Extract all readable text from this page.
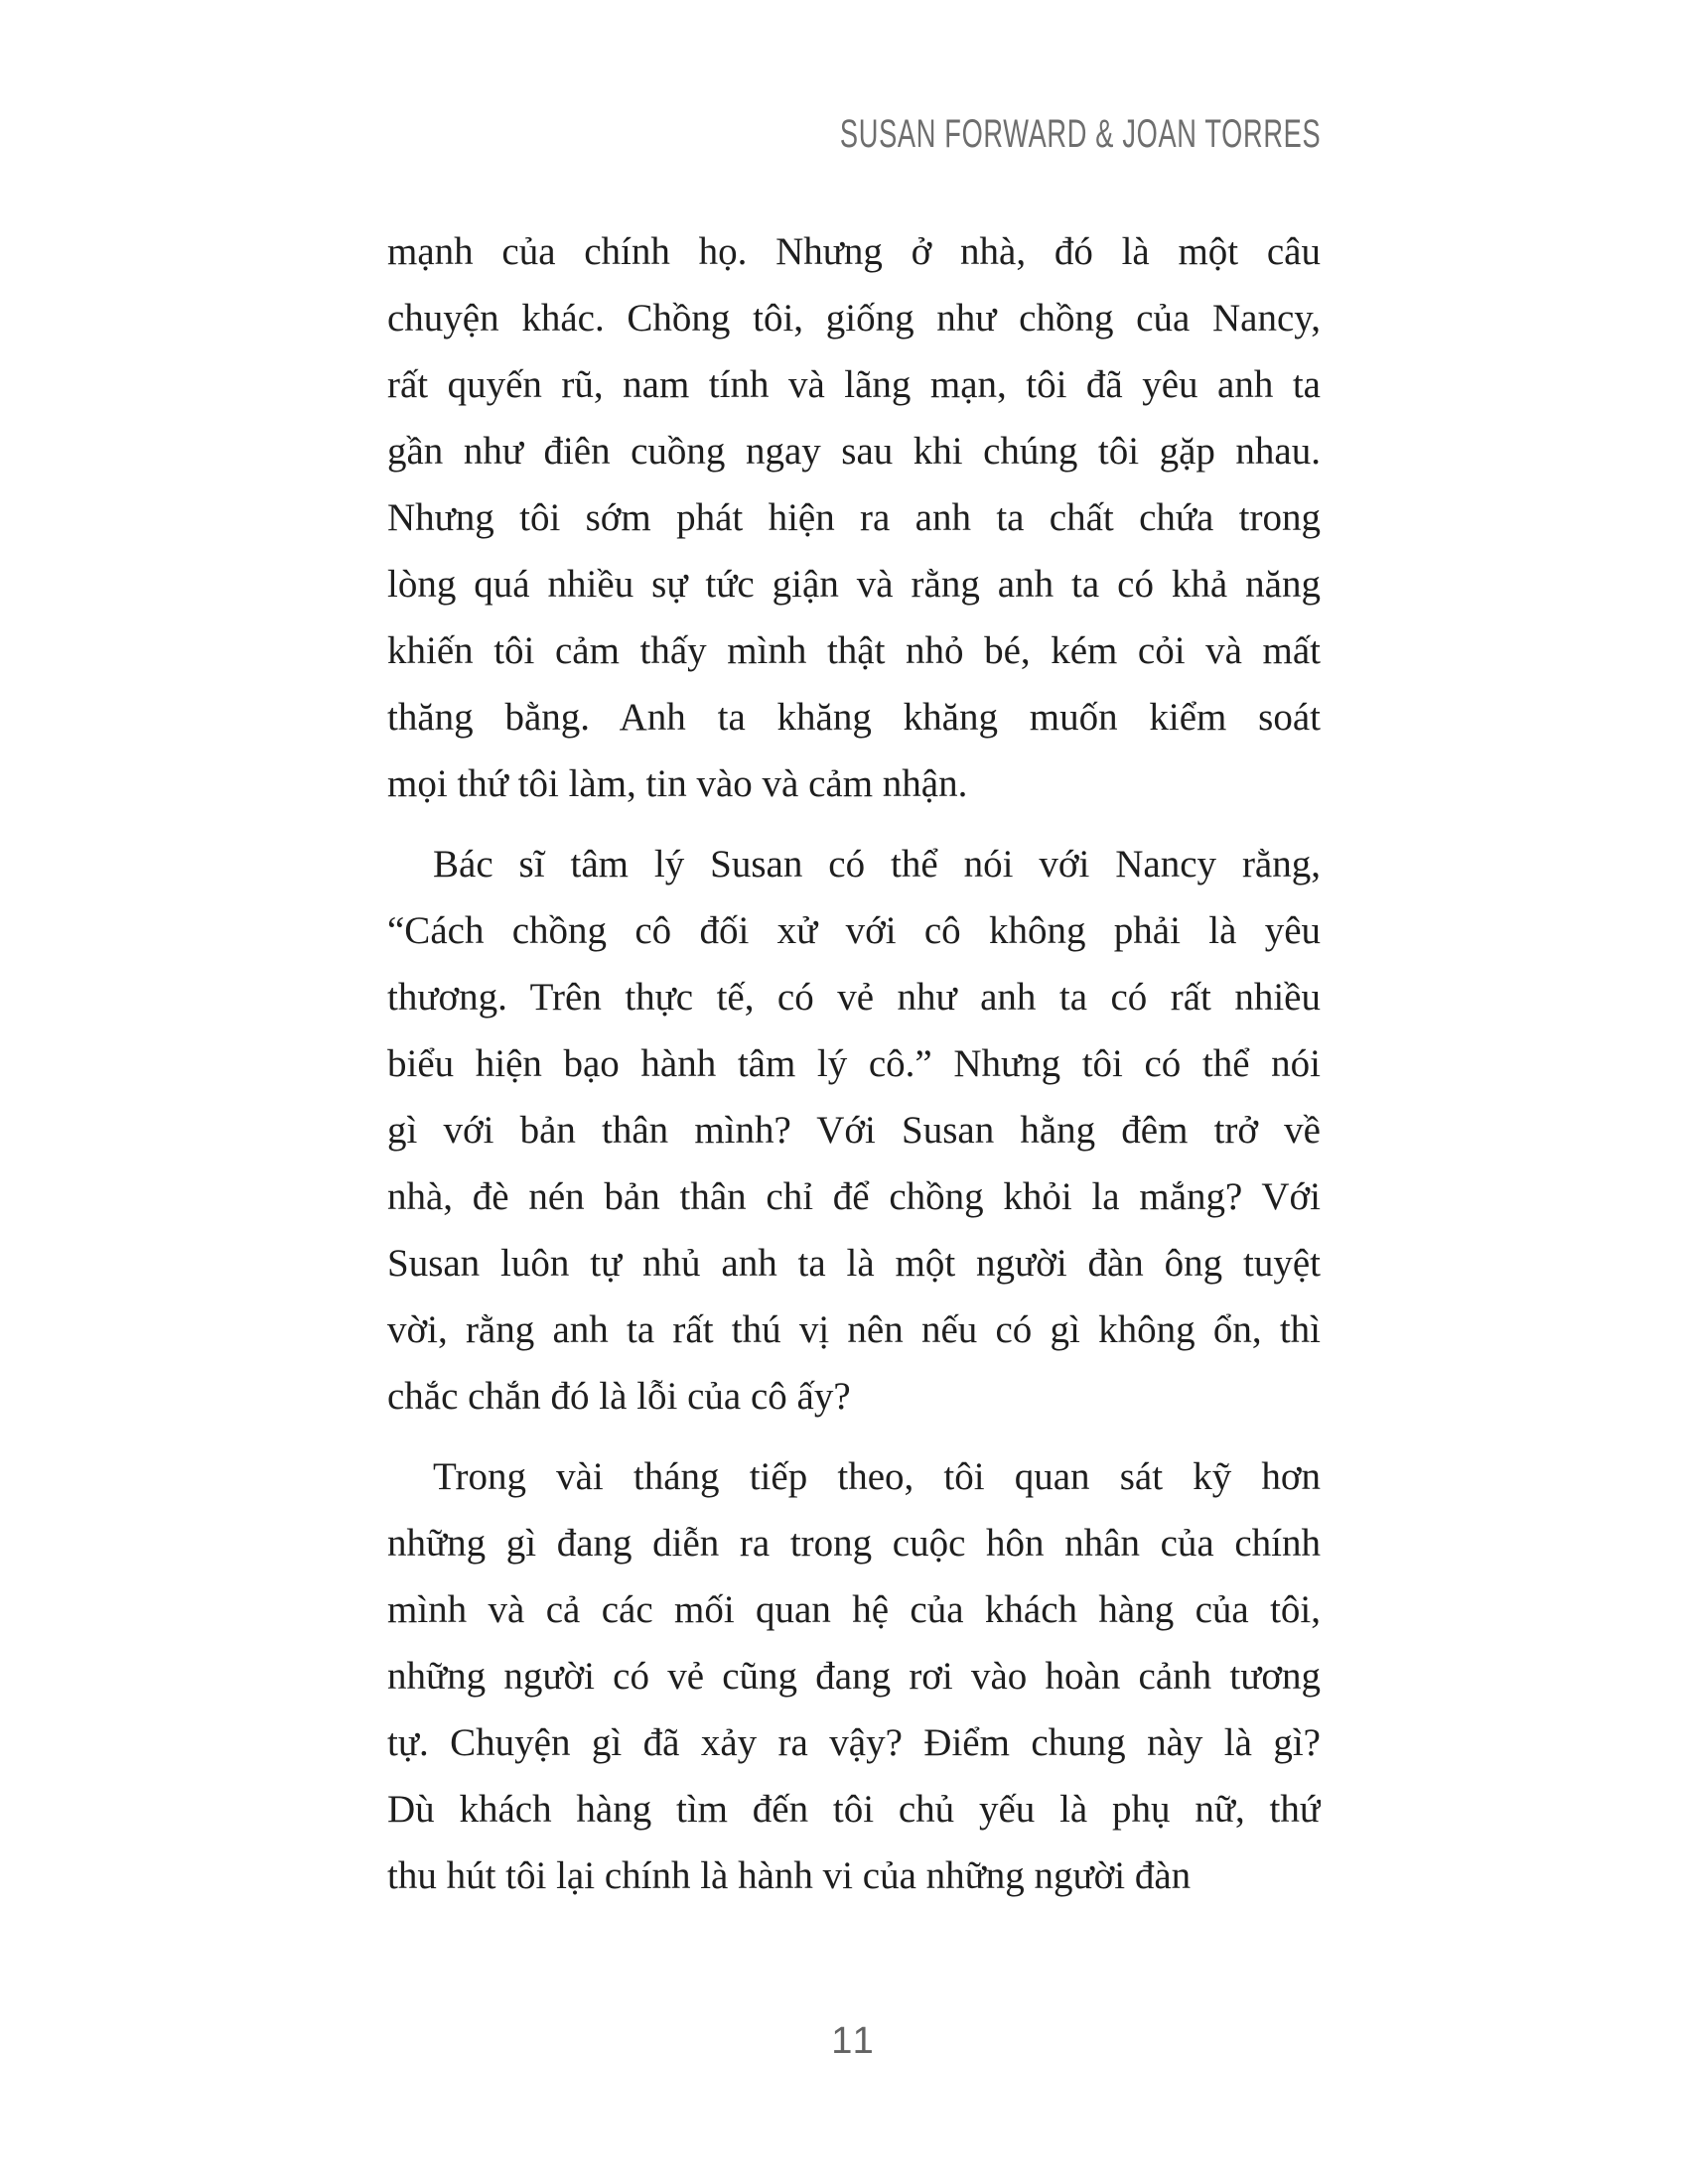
SUSAN FORWARD & JOAN TORRES

mạnh của chính họ. Nhưng ở nhà, đó là một câu
chuyện khác. Chồng tôi, giống như chồng của Nancy,
rất quyến rũ, nam tính và lãng mạn, tôi đã yêu anh ta
gần như điên cuồng ngay sau khi chúng tôi gặp nhau.
Nhưng tôi sớm phát hiện ra anh ta chất chứa trong
lòng quá nhiều sự tức giận và rằng anh ta có khả năng
khiến tôi cảm thấy mình thật nhỏ bé, kém cỏi và mất
thăng bằng. Anh ta khăng khăng muốn kiểm soát
mọi thứ tôi làm, tin vào và cảm nhận.

Bác sĩ tâm lý Susan có thể nói với Nancy rằng,
“Cách chồng cô đối xử với cô không phải là yêu
thương. Trên thực tế, có vẻ như anh ta có rất nhiều
biểu hiện bạo hành tâm lý cô.” Nhưng tôi có thể nói
gì với bản thân mình? Với Susan hằng đêm trở về
nhà, đè nén bản thân chỉ để chồng khỏi la mắng? Với
Susan luôn tự nhủ anh ta là một người đàn ông tuyệt
vời, rằng anh ta rất thú vị nên nếu có gì không ổn, thì
chắc chắn đó là lỗi của cô ấy?

Trong vài tháng tiếp theo, tôi quan sát kỹ hơn
những gì đang diễn ra trong cuộc hôn nhân của chính
mình và cả các mối quan hệ của khách hàng của tôi,
những người có vẻ cũng đang rơi vào hoàn cảnh tương
tự. Chuyện gì đã xảy ra vậy? Điểm chung này là gì?
Dù khách hàng tìm đến tôi chủ yếu là phụ nữ, thứ
thu hút tôi lại chính là hành vi của những người đàn

11
